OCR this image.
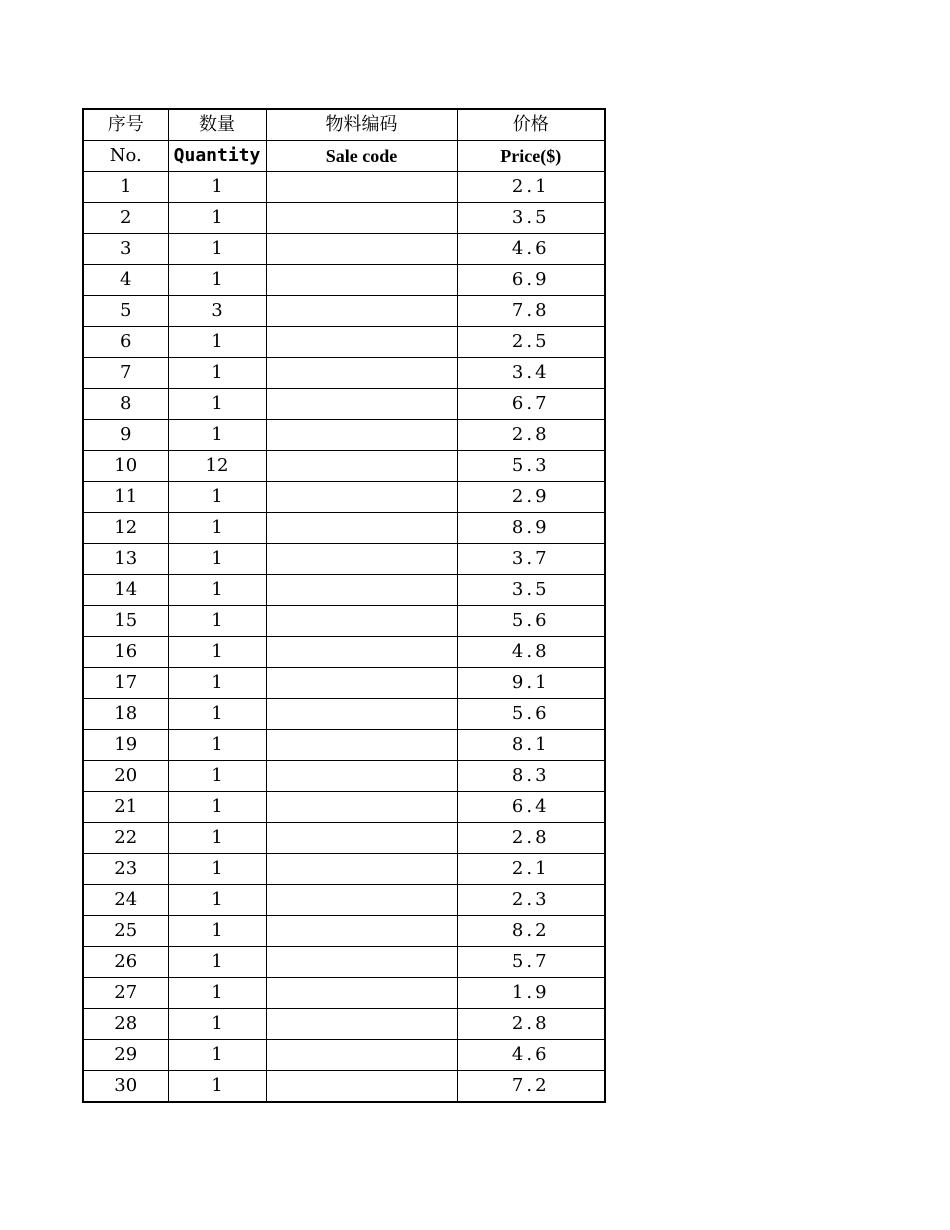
序号	数量	物料编码	价格
No.	Quantity	Sale code	Price($)
1	1		2.1
2	1		3.5
3	1		4.6
4	1		6.9
5	3		7.8
6	1		2.5
7	1		3.4
8	1		6.7
9	1		2.8
10	12		5.3
11	1		2.9
12	1		8.9
13	1		3.7
14	1		3.5
15	1		5.6
16	1		4.8
17	1		9.1
18	1		5.6
19	1		8.1
20	1		8.3
21	1		6.4
22	1		2.8
23	1		2.1
24	1		2.3
25	1		8.2
26	1		5.7
27	1		1.9
28	1		2.8
29	1		4.6
30	1		7.2
